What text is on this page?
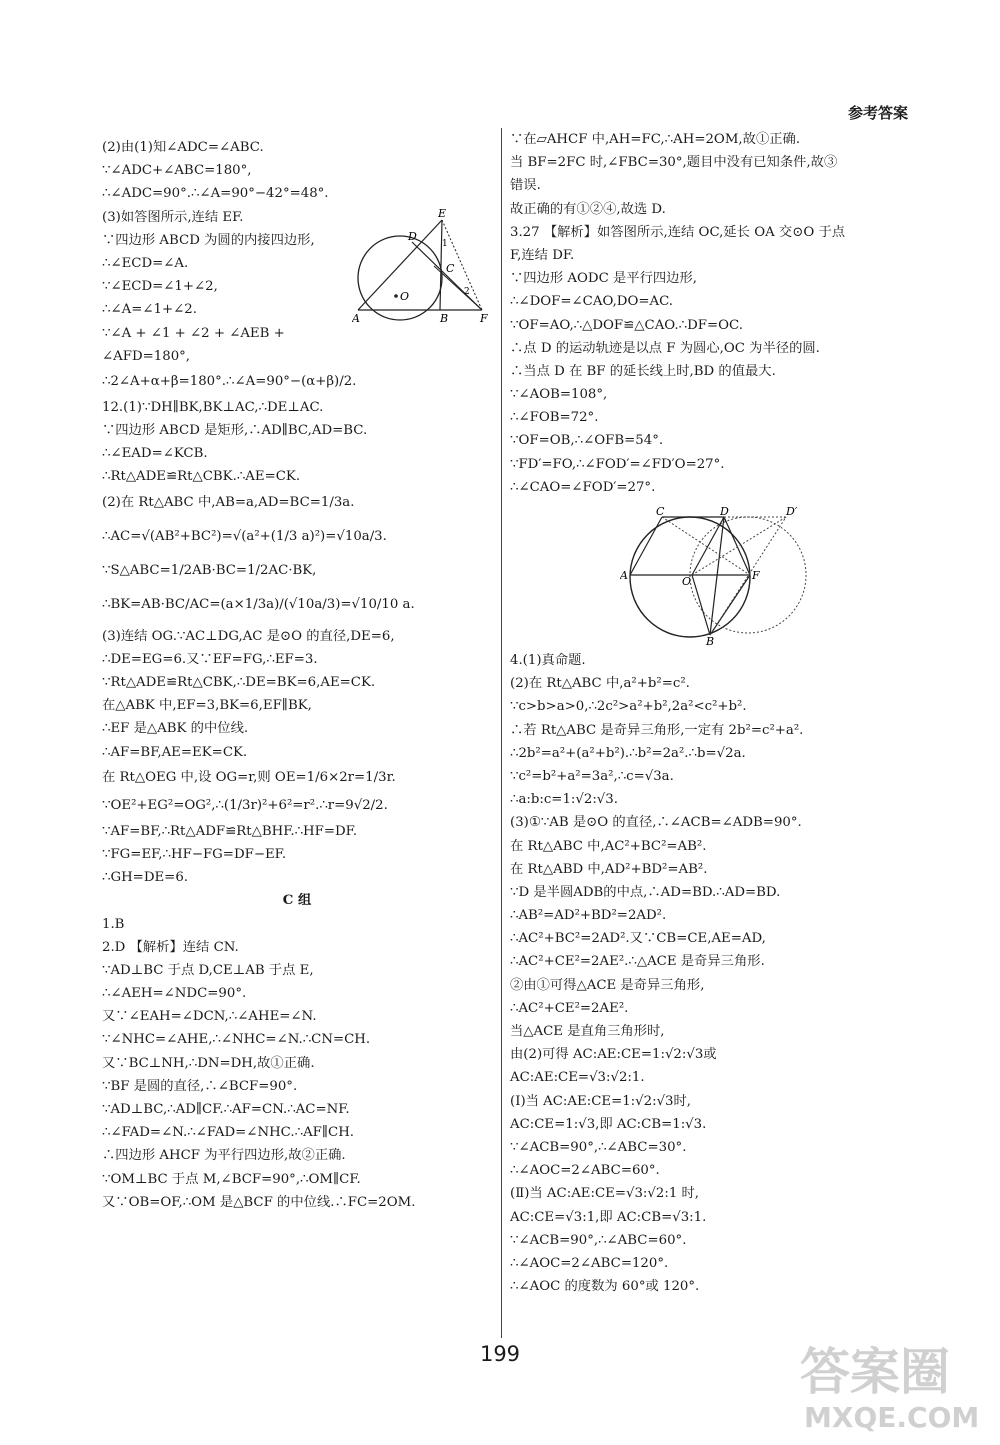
参考答案
(2)由(1)知∠ADC=∠ABC.
∵∠ADC+∠ABC=180°,
∴∠ADC=90°.∴∠A=90°−42°=48°.
(3)如答图所示,连结 EF.
∵四边形 ABCD 为圆的内接四边形,
∴∠ECD=∠A.
∵∠ECD=∠1+∠2,
∴∠A=∠1+∠2.
∵∠A + ∠1 + ∠2 + ∠AEB +
∠AFD=180°,
∴2∠A+α+β=180°.∴∠A=90°−(α+β)/2.
12.(1)∵DH∥BK,BK⊥AC,∴DE⊥AC.
∵四边形 ABCD 是矩形,∴AD∥BC,AD=BC.
∴∠EAD=∠KCB.
∴Rt△ADE≌Rt△CBK.∴AE=CK.
(2)在 Rt△ABC 中,AB=a,AD=BC=1/3a.
∴AC=√(AB²+BC²)=√(a²+(1/3 a)²)=√10a/3.
∵S△ABC=1/2AB·BC=1/2AC·BK,
∴BK=AB·BC/AC=(a×1/3a)/(√10a/3)=√10/10 a.
(3)连结 OG.∵AC⊥DG,AC 是⊙O 的直径,DE=6,
∴DE=EG=6.又∵EF=FG,∴EF=3.
∵Rt△ADE≌Rt△CBK,∴DE=BK=6,AE=CK.
在△ABK 中,EF=3,BK=6,EF∥BK,
∴EF 是△ABK 的中位线.
∴AF=BF,AE=EK=CK.
在 Rt△OEG 中,设 OG=r,则 OE=1/6×2r=1/3r.
∵OE²+EG²=OG²,∴(1/3r)²+6²=r².∴r=9√2/2.
∵AF=BF,∴Rt△ADF≌Rt△BHF.∴HF=DF.
∵FG=EF,∴HF−FG=DF−EF.
∴GH=DE=6.
C 组
1.B
2.D 【解析】连结 CN.
∵AD⊥BC 于点 D,CE⊥AB 于点 E,
∴∠AEH=∠NDC=90°.
又∵∠EAH=∠DCN,∴∠AHE=∠N.
∵∠NHC=∠AHE,∴∠NHC=∠N.∴CN=CH.
又∵BC⊥NH,∴DN=DH,故①正确.
∵BF 是圆的直径,∴∠BCF=90°.
∵AD⊥BC,∴AD∥CF.∴AF=CN.∴AC=NF.
∴∠FAD=∠N.∴∠FAD=∠NHC.∴AF∥CH.
∴四边形 AHCF 为平行四边形,故②正确.
∵OM⊥BC 于点 M,∠BCF=90°,∴OM∥CF.
又∵OB=OF,∴OM 是△BCF 的中位线.∴FC=2OM.
∵在▱AHCF 中,AH=FC,∴AH=2OM,故①正确.
当 BF=2FC 时,∠FBC=30°,题目中没有已知条件,故③
错误.
故正确的有①②④,故选 D.
3.27 【解析】如答图所示,连结 OC,延长 OA 交⊙O 于点
F,连结 DF.
∵四边形 AODC 是平行四边形,
∴∠DOF=∠CAO,DO=AC.
∵OF=AO,∴△DOF≌△CAO.∴DF=OC.
∴点 D 的运动轨迹是以点 F 为圆心,OC 为半径的圆.
∴当点 D 在 BF 的延长线上时,BD 的值最大.
∵∠AOB=108°,
∴∠FOB=72°.
∵OF=OB,∴∠OFB=54°.
∵FD′=FO,∴∠FOD′=∠FD′O=27°.
∴∠CAO=∠FOD′=27°.
4.(1)真命题.
(2)在 Rt△ABC 中,a²+b²=c².
∵c>b>a>0,∴2c²>a²+b²,2a²<c²+b².
∴若 Rt△ABC 是奇异三角形,一定有 2b²=c²+a².
∴2b²=a²+(a²+b²).∴b²=2a².∴b=√2a.
∵c²=b²+a²=3a²,∴c=√3a.
∴a:b:c=1:√2:√3.
(3)①∵AB 是⊙O 的直径,∴∠ACB=∠ADB=90°.
在 Rt△ABC 中,AC²+BC²=AB².
在 Rt△ABD 中,AD²+BD²=AB².
∵D 是半圆ADB的中点,∴AD=BD.∴AD=BD.
∴AB²=AD²+BD²=2AD².
∴AC²+BC²=2AD².又∵CB=CE,AE=AD,
∴AC²+CE²=2AE².∴△ACE 是奇异三角形.
②由①可得△ACE 是奇异三角形,
∴AC²+CE²=2AE².
当△ACE 是直角三角形时,
由(2)可得 AC:AE:CE=1:√2:√3或
AC:AE:CE=√3:√2:1.
(Ⅰ)当 AC:AE:CE=1:√2:√3时,
AC:CE=1:√3,即 AC:CB=1:√3.
∵∠ACB=90°,∴∠ABC=30°.
∴∠AOC=2∠ABC=60°.
(Ⅱ)当 AC:AE:CE=√3:√2:1 时,
AC:CE=√3:1,即 AC:CB=√3:1.
∵∠ACB=90°,∴∠ABC=60°.
∴∠AOC=2∠ABC=120°.
∴∠AOC 的度数为 60°或 120°.
E
D
1
C
2
O
A	B	F
C	D	D′
A	O	F
B
199	答案圈
MXQE.COM
